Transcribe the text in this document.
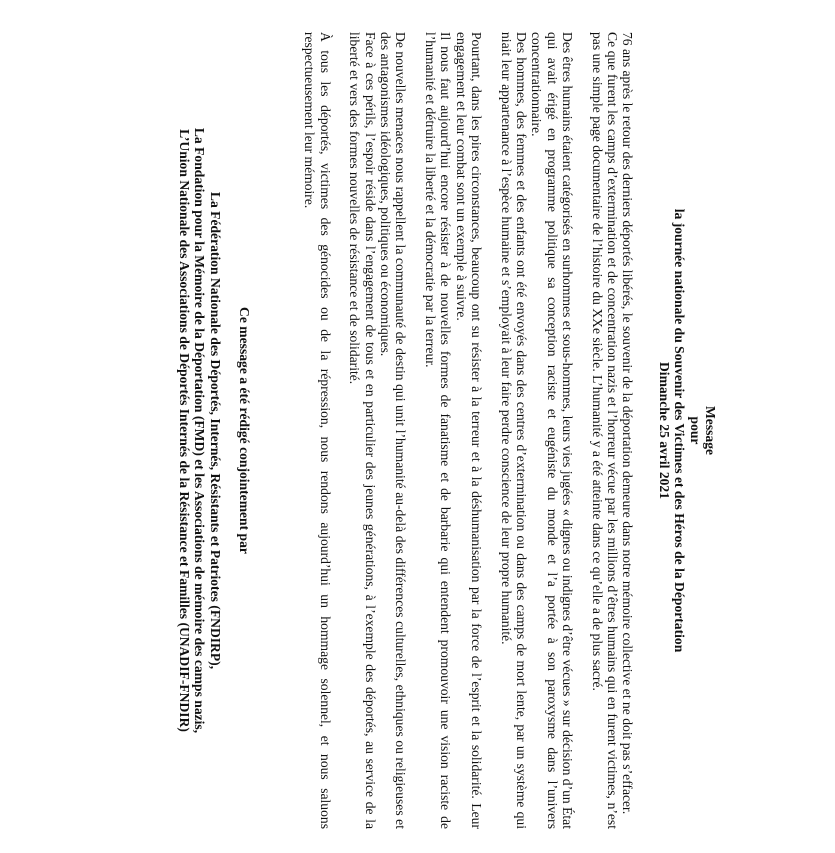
Message

pour

la journée nationale du Souvenir des Victimes et des Héros de la Déportation

Dimanche 25 avril 2021

76 ans après le retour des derniers déportés libérés, le souvenir de la déportation demeure dans notre mémoire collective et ne doit pas s’effacer.
Ce que furent les camps d’extermination et de concentration nazis et l’horreur vécue par les millions d’êtres humains qui en furent victimes, n’est pas une simple page documentaire de l’histoire du XXe siècle. L’humanité y a été atteinte dans ce qu’elle a de plus sacré.
Des êtres humains étaient catégorisés en surhommes et sous-hommes, leurs vies jugées « dignes ou indignes d’être vécues » sur décision d’un État qui avait érigé en programme politique sa conception raciste et eugéniste du monde et l’a portée à son paroxysme dans l’univers concentrationnaire.
Des hommes, des femmes et des enfants ont été envoyés dans des centres d’extermination ou dans des camps de mort lente, par un système qui niait leur appartenance à l’espèce humaine et s’employait à leur faire perdre conscience de leur propre humanité.
Pourtant, dans les pires circonstances, beaucoup ont su résister à la terreur et à la déshumanisation par la force de l’esprit et la solidarité. Leur engagement et leur combat sont un exemple à suivre.
Il nous faut aujourd’hui encore résister à de nouvelles formes de fanatisme et de barbarie qui entendent promouvoir une vision raciste de l’humanité et détruire la liberté et la démocratie par la terreur.
De nouvelles menaces nous rappellent la communauté de destin qui unit l’humanité au-delà des différences culturelles, ethniques ou religieuses et des antagonismes idéologiques, politiques ou économiques.
Face à ces périls, l’espoir réside dans l’engagement de tous et en particulier des jeunes générations, à l’exemple des déportés, au service de la liberté et vers des formes nouvelles de résistance et de solidarité.
À tous les déportés, victimes des génocides ou de la répression, nous rendons aujourd’hui un hommage solennel, et nous saluons respectueusement leur mémoire.
Ce message a été rédigé conjointement par
La Fédération Nationale des Déportés, Internés, Résistants et Patriotes (FNDIRP),
La Fondation pour la Mémoire de la Déportation (FMD) et les Associations de mémoire des camps nazis,
L’Union Nationale des Associations de Déportés Internés de la Résistance et Familles (UNADIF-FNDIR)
